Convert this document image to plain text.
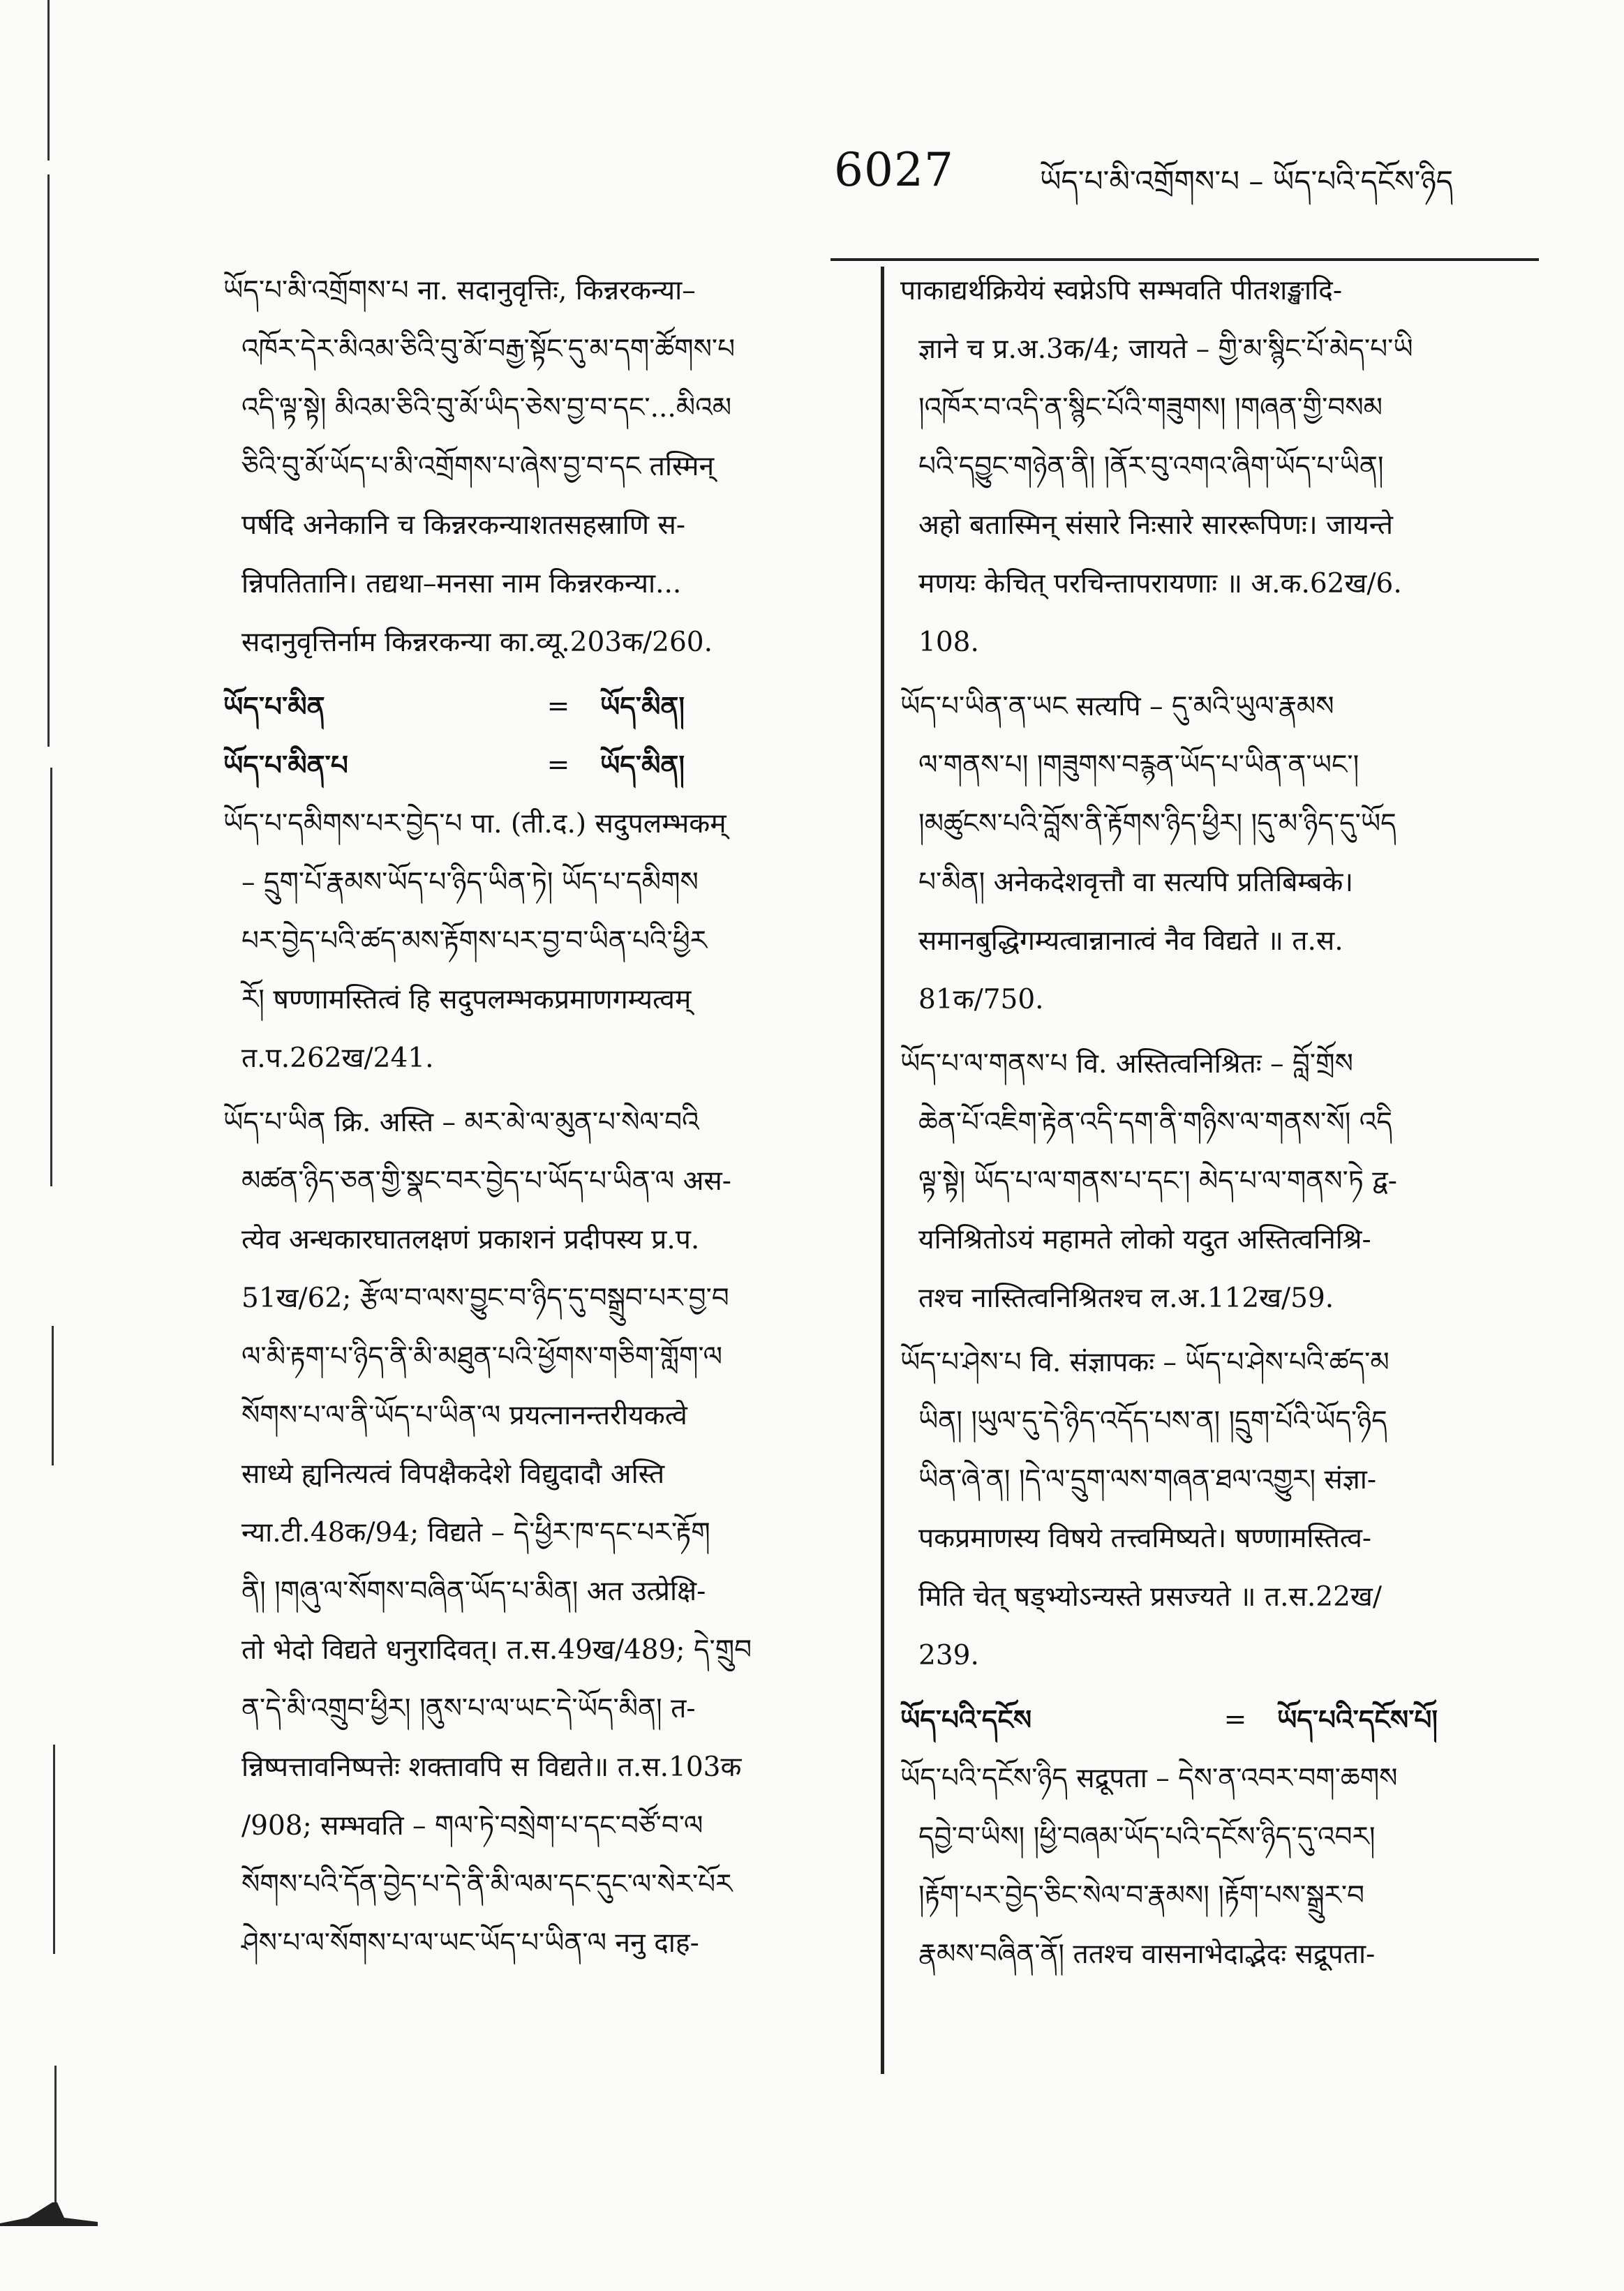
6027	ཡོད་པ་མི་འགྲོགས་པ – ཡོད་པའི་དངོས་ཉིད
ཡོད་པ་མི་འགྲོགས་པ ना. सदानुवृत्तिः, किन्नरकन्या–
འཁོར་དེར་མིའམ་ཅིའི་བུ་མོ་བརྒྱ་སྟོང་དུ་མ་དག་ཚོགས་པ
འདི་ལྟ་སྟེ། མིའམ་ཅིའི་བུ་མོ་ཡིད་ཅེས་བྱ་བ་དང་...མིའམ
ཅིའི་བུ་མོ་ཡོད་པ་མི་འགྲོགས་པ་ཞེས་བྱ་བ་དང तस्मिन्
पर्षदि अनेकानि च किन्नरकन्याशतसहस्राणि स-
न्निपतितानि। तद्यथा–मनसा नाम किन्नरकन्या...
सदानुवृत्तिर्नाम किन्नरकन्या का.व्यू.203क/260.
ཡོད་པ་མིན	=	ཡོད་མིན།
ཡོད་པ་མིན་པ	=	ཡོད་མིན།
ཡོད་པ་དམིགས་པར་བྱེད་པ पा. (ती.द.) सदुपलम्भकम्
– དྲུག་པོ་རྣམས་ཡོད་པ་ཉིད་ཡིན་ཏེ། ཡོད་པ་དམིགས
པར་བྱེད་པའི་ཚད་མས་རྟོགས་པར་བྱ་བ་ཡིན་པའི་ཕྱིར
རོ། षण्णामस्तित्वं हि सदुपलम्भकप्रमाणगम्यत्वम्
त.प.262ख/241.
ཡོད་པ་ཡིན क्रि. अस्ति – མར་མེ་ལ་མུན་པ་སེལ་བའི
མཚན་ཉིད་ཅན་གྱི་སྣང་བར་བྱེད་པ་ཡོད་པ་ཡིན་ལ अस-
त्येव अन्धकारघातलक्षणं प्रकाशनं प्रदीपस्य प्र.प.
51ख/62; རྩོལ་བ་ལས་བྱུང་བ་ཉིད་དུ་བསྒྲུབ་པར་བྱ་བ
ལ་མི་རྟག་པ་ཉིད་ནི་མི་མཐུན་པའི་ཕྱོགས་གཅིག་གློག་ལ
སོགས་པ་ལ་ནི་ཡོད་པ་ཡིན་ལ प्रयत्नानन्तरीयकत्वे
साध्ये ह्यनित्यत्वं विपक्षैकदेशे विद्युदादौ अस्ति
न्या.टी.48क/94; विद्यते – དེ་ཕྱིར་ཁ་དང་པར་རྟོག
ནི། །གཞུ་ལ་སོགས་བཞིན་ཡོད་པ་མིན། अत उत्प्रेक्षि-
तो भेदो विद्यते धनुरादिवत्। त.स.49ख/489; དེ་གྲུབ
ན་དེ་མི་འགྲུབ་ཕྱིར། །ནུས་པ་ལ་ཡང་དེ་ཡོད་མིན། त-
न्निष्पत्तावनिष्पत्तेः शक्तावपि स विद्यते॥ त.स.103क
/908; सम्भवति – གལ་ཏེ་བསྲེག་པ་དང་བཙོ་བ་ལ
སོགས་པའི་དོན་བྱེད་པ་དེ་ནི་མི་ལམ་དང་དུང་ལ་སེར་པོར
ཤེས་པ་ལ་སོགས་པ་ལ་ཡང་ཡོད་པ་ཡིན་ལ ननु दाह-
पाकाद्यर्थक्रियेयं स्वप्नेऽपि सम्भवति पीतशङ्खादि-
ज्ञाने च प्र.अ.3क/4; जायते – གྱི་མ་སྙིང་པོ་མེད་པ་ཡི
།འཁོར་བ་འདི་ན་སྙིང་པོའི་གཟུགས། །གཞན་གྱི་བསམ
པའི་དབྱུང་གཉེན་ནི། །ནོར་བུ་འགའ་ཞིག་ཡོད་པ་ཡིན།
अहो बतास्मिन् संसारे निःसारे साररूपिणः। जायन्ते
मणयः केचित् परचिन्तापरायणाः ॥ अ.क.62ख/6.
108.
ཡོད་པ་ཡིན་ན་ཡང सत्यपि – དུ་མའི་ཡུལ་རྣམས
ལ་གནས་པ། །གཟུགས་བརྙན་ཡོད་པ་ཡིན་ན་ཡང་།
།མཚུངས་པའི་བློས་ནི་རྟོགས་ཉིད་ཕྱིར། །དུ་མ་ཉིད་དུ་ཡོད
པ་མིན། अनेकदेशवृत्तौ वा सत्यपि प्रतिबिम्बके।
समानबुद्धिगम्यत्वान्नानात्वं नैव विद्यते ॥ त.स.
81क/750.
ཡོད་པ་ལ་གནས་པ वि. अस्तित्वनिश्रितः – བློ་གྲོས
ཆེན་པོ་འཇིག་རྟེན་འདི་དག་ནི་གཉིས་ལ་གནས་སོ། འདི
ལྟ་སྟེ། ཡོད་པ་ལ་གནས་པ་དང་། མེད་པ་ལ་གནས་ཏེ द्व-
यनिश्रितोऽयं महामते लोको यदुत अस्तित्वनिश्रि-
तश्च नास्तित्वनिश्रितश्च ल.अ.112ख/59.
ཡོད་པ་ཤེས་པ वि. संज्ञापकः – ཡོད་པ་ཤེས་པའི་ཚད་མ
ཡིན། །ཡུལ་དུ་དེ་ཉིད་འདོད་པས་ན། །དྲུག་པོའི་ཡོད་ཉིད
ཡིན་ཞེ་ན། །དེ་ལ་དྲུག་ལས་གཞན་ཐལ་འགྱུར། संज्ञा-
पकप्रमाणस्य विषये तत्त्वमिष्यते। षण्णामस्तित्व-
मिति चेत् षड्भ्योऽन्यस्ते प्रसज्यते ॥ त.स.22ख/
239.
ཡོད་པའི་དངོས	=	ཡོད་པའི་དངོས་པོ།
ཡོད་པའི་དངོས་ཉིད सद्रूपता – དེས་ན་འབར་བག་ཆགས
དབྱེ་བ་ཡིས། །ཕྱི་བཞམ་ཡོད་པའི་དངོས་ཉིད་དུ་འབར།
།རྟོག་པར་བྱེད་ཅིང་སེལ་བ་རྣམས། །རྟོག་པས་སྒྲུར་བ
རྣམས་བཞིན་ནོ། ततश्च वासनाभेदाद्भेदः सद्रूपता-
